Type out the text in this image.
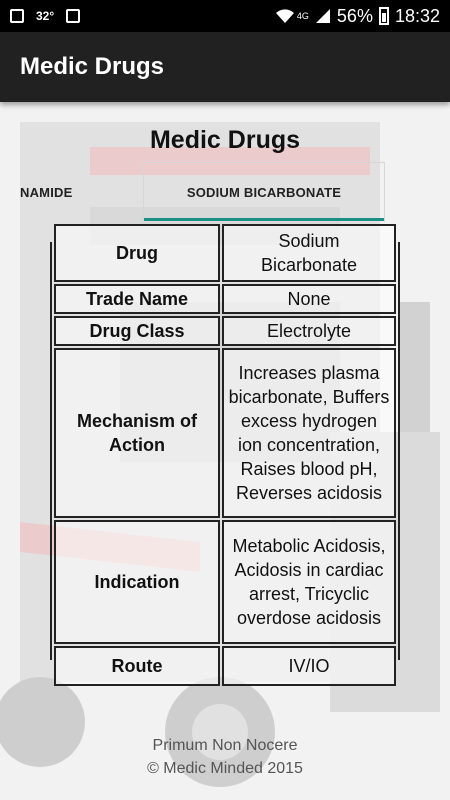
32°	4G 56% 18:32
Medic Drugs
Medic Drugs
NAMIDE	SODIUM BICARBONATE
Drug	Sodium Bicarbonate
Trade Name	None
Drug Class	Electrolyte
Mechanism of Action	Increases plasma bicarbonate, Buffers excess hydrogen ion concentration, Raises blood pH, Reverses acidosis
Indication	Metabolic Acidosis, Acidosis in cardiac arrest, Tricyclic overdose acidosis
Route	IV/IO
Primum Non Nocere
© Medic Minded 2015
